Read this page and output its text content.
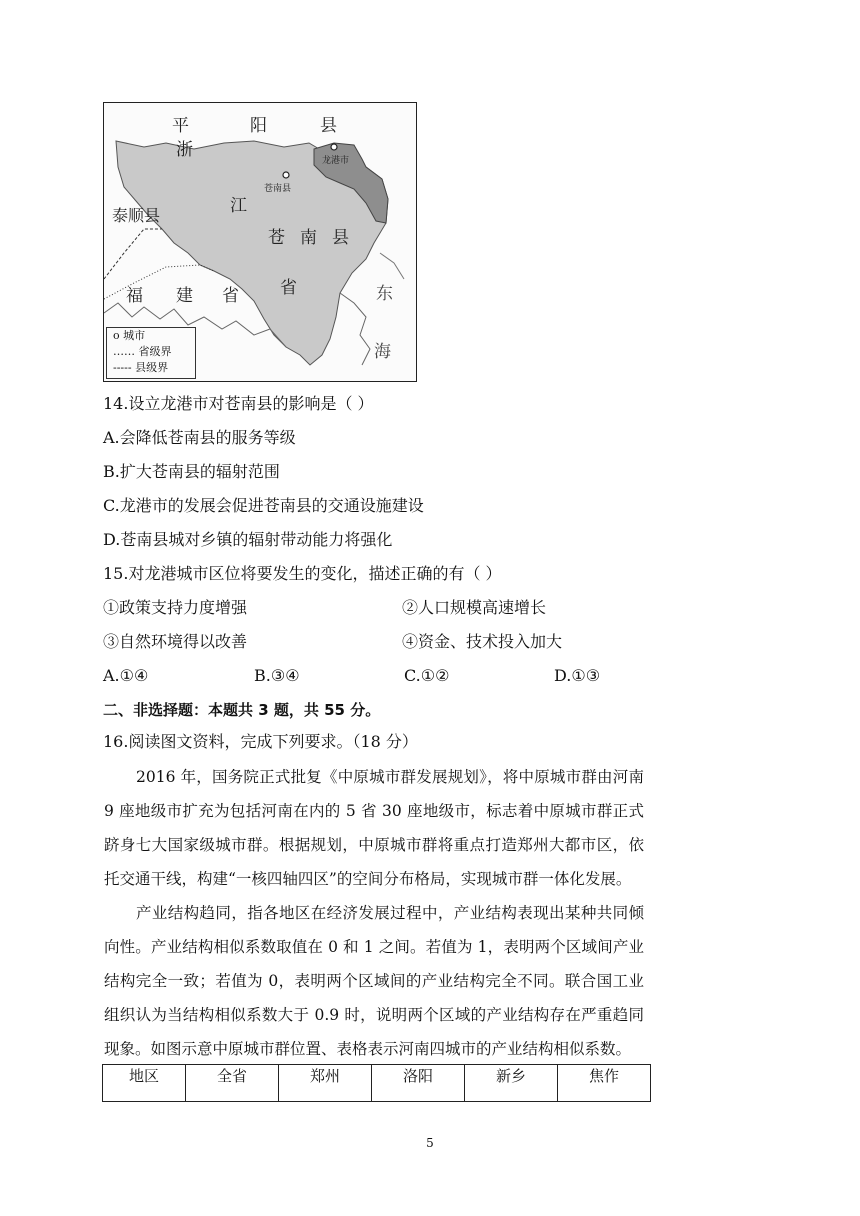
平	阳	县
浙
江
省
泰顺县
苍南县
龙港市
苍 南 县
福 建 省	东
海
o 城市
…… 省级界
----- 县级界
14.设立龙港市对苍南县的影响是（ ）
A.会降低苍南县的服务等级
B.扩大苍南县的辐射范围
C.龙港市的发展会促进苍南县的交通设施建设
D.苍南县城对乡镇的辐射带动能力将强化
15.对龙港城市区位将要发生的变化，描述正确的有（ ）
①政策支持力度增强	②人口规模高速增长
③自然环境得以改善	④资金、技术投入加大
A.①④	B.③④	C.①②	D.①③
二、非选择题：本题共 3 题，共 55 分。
16.阅读图文资料，完成下列要求。（18 分）
2016 年，国务院正式批复《中原城市群发展规划》，将中原城市群由河南 9 座地级市扩充为包括河南在内的 5 省 30 座地级市，标志着中原城市群正式跻身七大国家级城市群。根据规划，中原城市群将重点打造郑州大都市区，依托交通干线，构建“一核四轴四区”的空间分布格局，实现城市群一体化发展。
产业结构趋同，指各地区在经济发展过程中，产业结构表现出某种共同倾向性。产业结构相似系数取值在 0 和 1 之间。若值为 1，表明两个区域间产业结构完全一致；若值为 0，表明两个区域间的产业结构完全不同。联合国工业组织认为当结构相似系数大于 0.9 时，说明两个区域的产业结构存在严重趋同现象。如图示意中原城市群位置、表格表示河南四城市的产业结构相似系数。
地区	全省	郑州	洛阳	新乡	焦作
5
